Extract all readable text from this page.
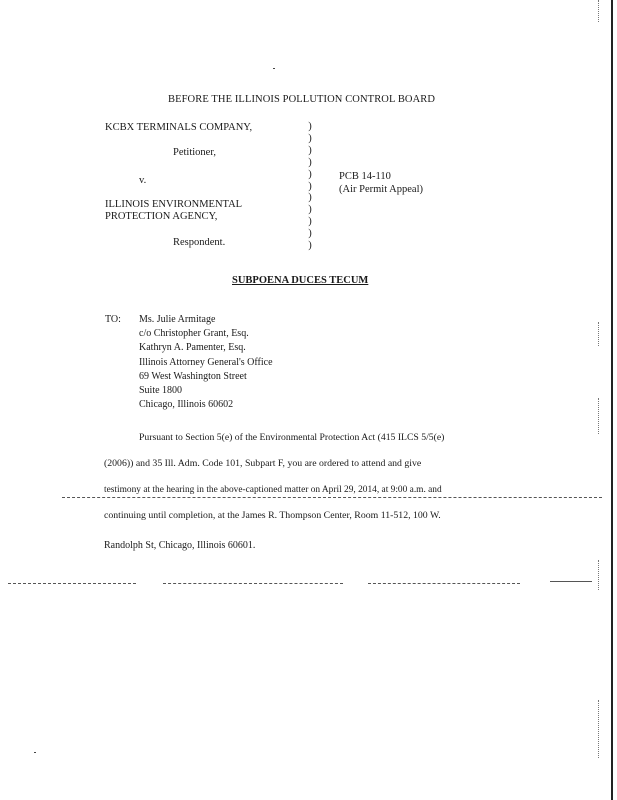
BEFORE THE ILLINOIS POLLUTION CONTROL BOARD
KCBX TERMINALS COMPANY,
Petitioner,
v.
ILLINOIS ENVIRONMENTAL
PROTECTION AGENCY,
Respondent.
)
)
)
)
)
)
)
)
)
)
)
PCB 14-110
(Air Permit Appeal)
SUBPOENA DUCES TECUM
TO: Ms. Julie Armitage
c/o Christopher Grant, Esq.
Kathryn A. Pamenter, Esq.
Illinois Attorney General's Office
69 West Washington Street
Suite 1800
Chicago, Illinois 60602
Pursuant to Section 5(e) of the Environmental Protection Act (415 ILCS 5/5(e)
(2006)) and 35 Ill. Adm. Code 101, Subpart F, you are ordered to attend and give
testimony at the hearing in the above-captioned matter on April 29, 2014, at 9:00 a.m. and
continuing until completion, at the James R. Thompson Center, Room 11-512, 100 W.
Randolph St, Chicago, Illinois 60601.
